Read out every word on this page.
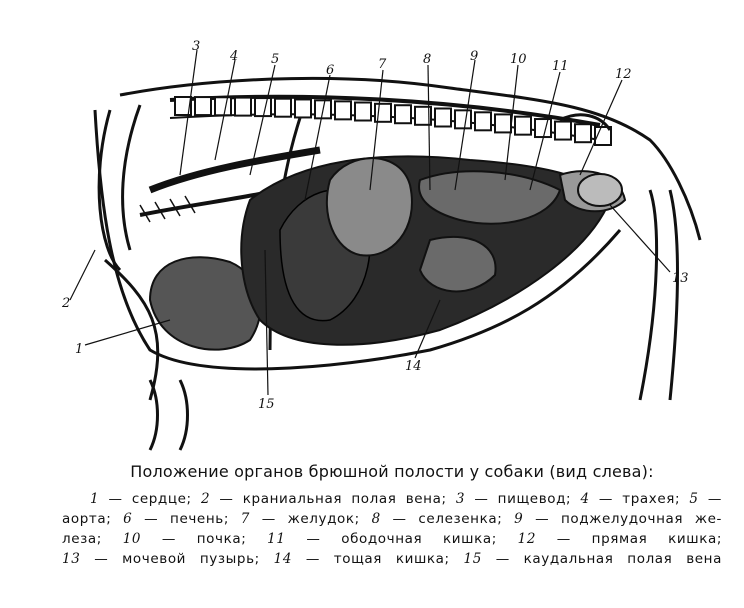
3
4	5
6	7	8	9 10 11
12
2
1
15
14
13
Положение органов брюшной полости у собаки (вид слева):
1 — сердце; 2 — краниальная полая вена; 3 — пищевод; 4 — трахея; 5 —
аорта; 6 — печень; 7 — желудок; 8 — селезенка; 9 — поджелудочная же-
леза; 10 — почка; 11 — ободочная кишка; 12 — прямая кишка;
13 — мочевой пузырь; 14 — тощая кишка; 15 — каудальная полая вена
